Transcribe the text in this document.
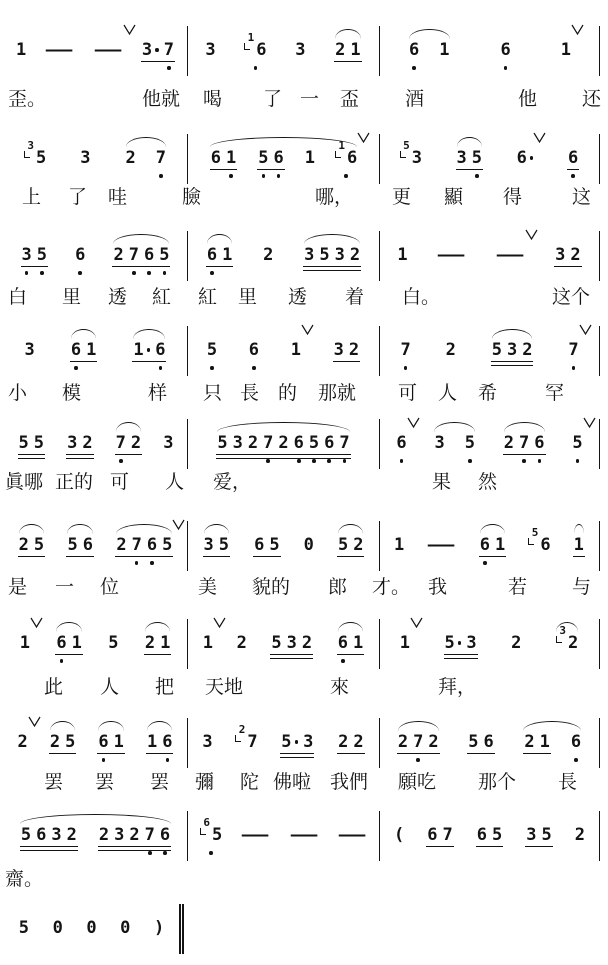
1 — — 3 7 3
1
6 3 2 1	6 1	6	1
歪。	他就 喝 了 一 盃 酒	他 还
3
5 3 2 7	6 1 5 6 1
1
6
5
3 3 5 6 6
上 了 哇	臉	哪， 更 顯 得	这
3 5 6 2 7 6 5 6 1 2 3 5 3 2 1 — — 3 2
白 里 透 紅 紅 里 透 着 白。	这个
3 6 1 1 6 5 6 1 3 2 7 2 5 3 2 7
小 模	样 只 長 的 那就 可 人 希	罕
5 5 3 2 7 2 3	5 3 2 7 2 6 5 6 7	6 3 5 2 7 6 5
眞哪 正的 可 人 爱，	果 然
2 5 5 6 2 7 6 5 3 5 6 5 0 5 2 1 — 6 1
5
6 1
是 一 位	美 貌的 郎 才。 我	若 与
1 6 1 5 2 1 1 2 5 3 2 6 1 1 5 3 2
3
2
此 人 把 天地	來	拜，
2 2 5 6 1 1 6 3
2
7 5 3 2 2 2 7 2 5 6 2 1 6
罢 罢 罢 彌 陀 佛啦 我們 願吃 那个 長
5 6 3 2 2 3 2 7 6
6
5 — — — ( 6 7 6 5 3 5 2
齋。
5 0 0 0 )
